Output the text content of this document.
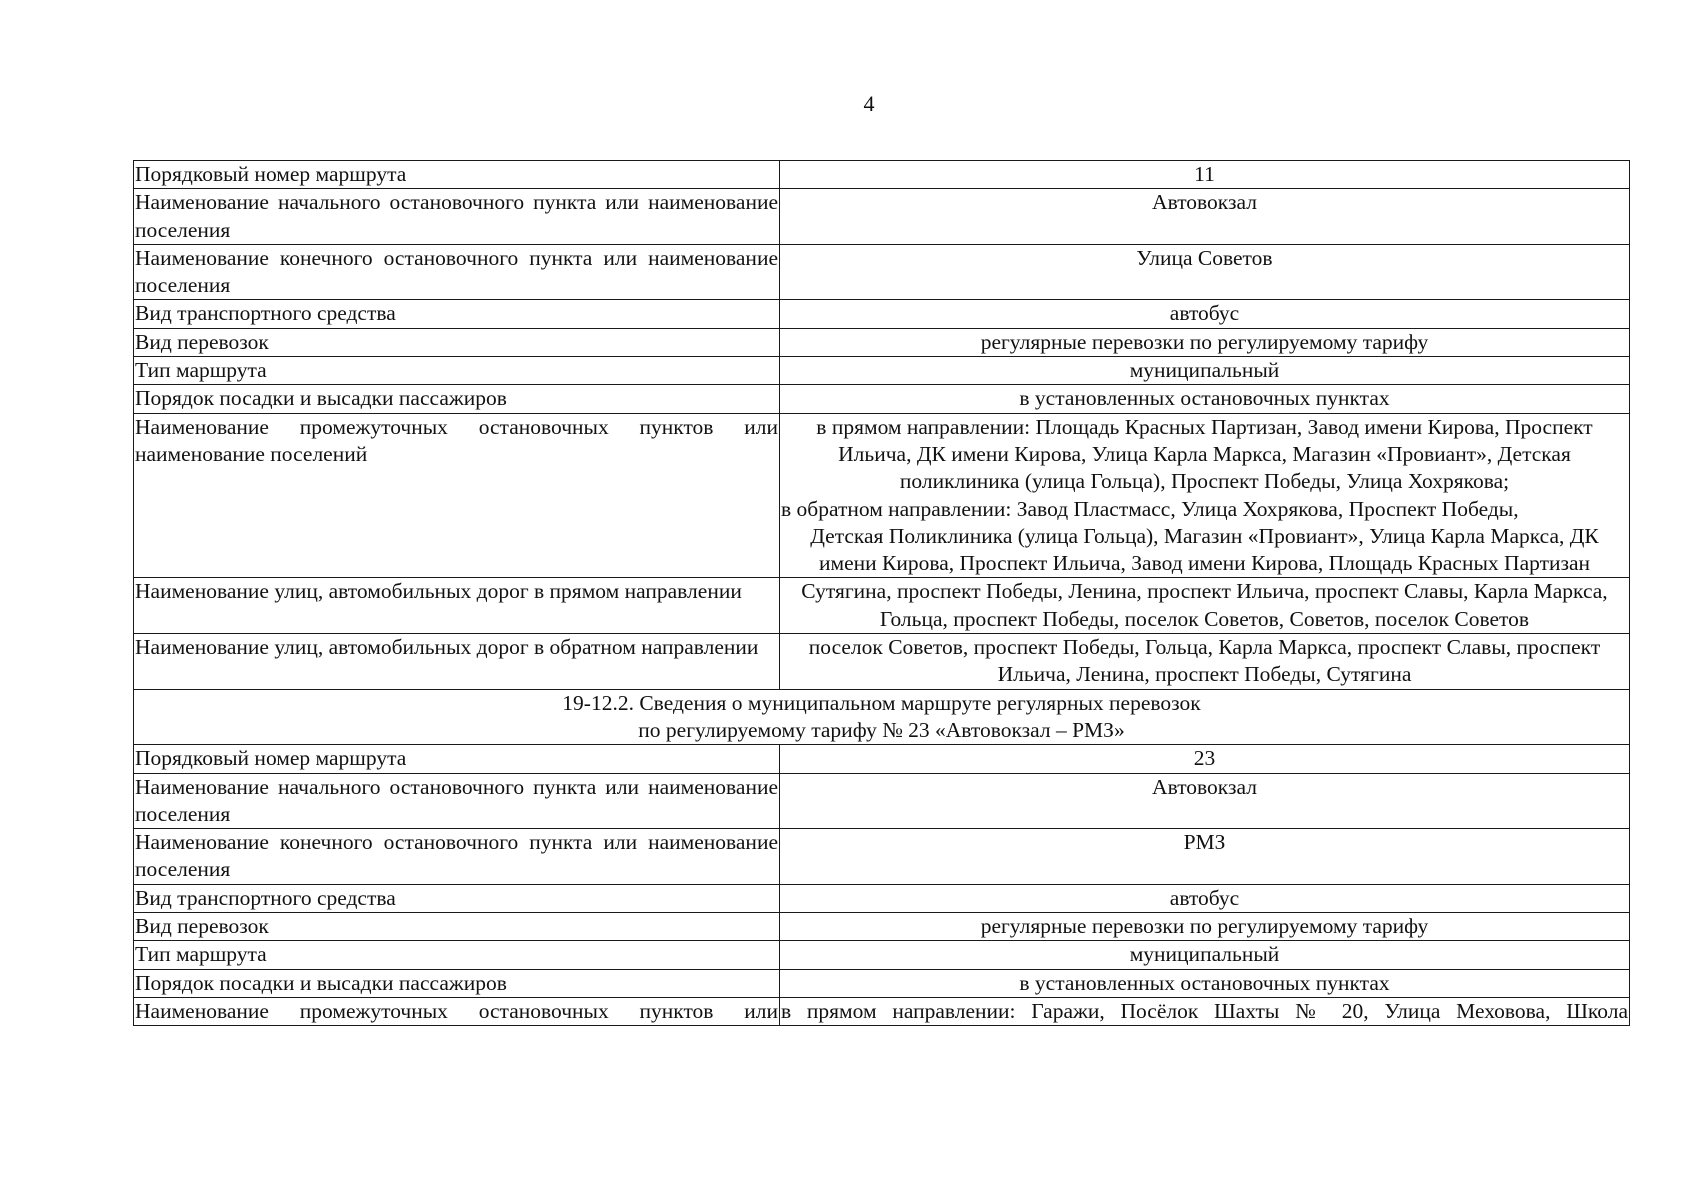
4
Порядковый номер маршрута	11
Наименование начального остановочного пункта или наименование поселения	Автовокзал
Наименование конечного остановочного пункта или наименование поселения	Улица Советов
Вид транспортного средства	автобус
Вид перевозок	регулярные перевозки по регулируемому тарифу
Тип маршрута	муниципальный
Порядок посадки и высадки пассажиров	в установленных остановочных пунктах
Наименование промежуточных остановочных пунктов или наименование поселений	в прямом направлении: Площадь Красных Партизан, Завод имени Кирова, Проспект Ильича, ДК имени Кирова, Улица Карла Маркса, Магазин «Провиант», Детская поликлиника (улица Гольца), Проспект Победы, Улица Хохрякова;
в обратном направлении: Завод Пластмасс, Улица Хохрякова, Проспект Победы,
Детская Поликлиника (улица Гольца), Магазин «Провиант», Улица Карла Маркса, ДК имени Кирова, Проспект Ильича, Завод имени Кирова, Площадь Красных Партизан

Наименование улиц, автомобильных дорог в прямом направлении	Сутягина, проспект Победы, Ленина, проспект Ильича, проспект Славы, Карла Маркса, Гольца, проспект Победы, поселок Советов, Советов, поселок Советов
Наименование улиц, автомобильных дорог в обратном направлении	поселок Советов, проспект Победы, Гольца, Карла Маркса, проспект Славы, проспект Ильича, Ленина, проспект Победы, Сутягина

19-12.2. Сведения о муниципальном маршруте регулярных перевозок
по регулируемому тарифу № 23 «Автовокзал – РМЗ»	

Порядковый номер маршрута	23
Наименование начального остановочного пункта или наименование поселения	Автовокзал
Наименование конечного остановочного пункта или наименование поселения	РМЗ
Вид транспортного средства	автобус
Вид перевозок	регулярные перевозки по регулируемому тарифу
Тип маршрута	муниципальный
Порядок посадки и высадки пассажиров	в установленных остановочных пунктах
Наименование промежуточных остановочных пунктов или	в прямом направлении: Гаражи, Посёлок Шахты № 20, Улица Меховова, Школа
